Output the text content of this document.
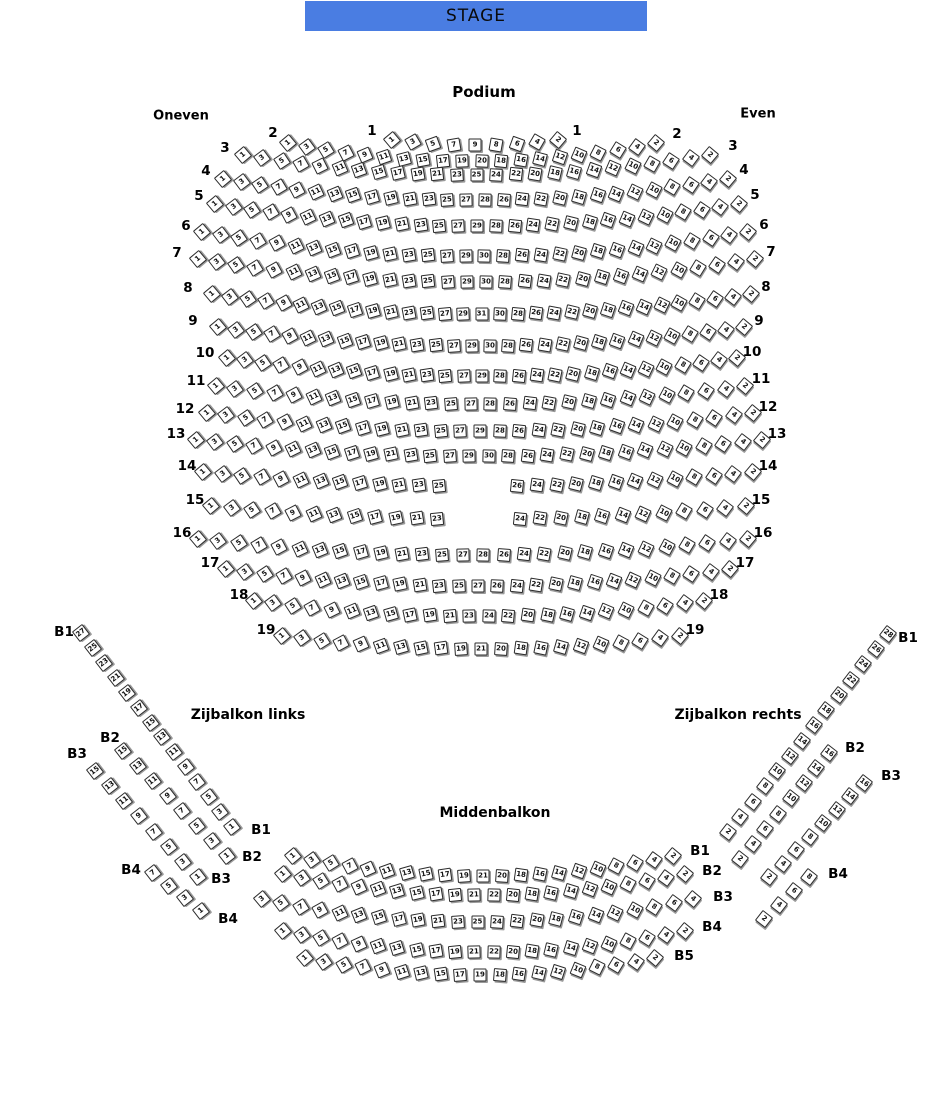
STAGE
Podium
Oneven	Even
Zijbalkon links	Zijbalkon rechts
Middenbalkon
1 3 5 7 9 8 6 4 2
1	1
1 3 5 7 9 11 13 15 17 19 20 18 16 14 12 10 8 6 4 2
2	2
1 3 5 7 9 11 13 15 17 19 21 23 25 24 22 20 18 16 14 12 10 8 6 4 2
3	3
1 3 5 7 9 11 13 15 17 19 21 23 25 27 28 26 24 22 20 18 16 14 12 10 8 6 4 2
4	4
1 3 5 7 9 11 13 15 17 19 21 23 25 27 29 28 26 24 22 20 18 16 14 12 10 8 6 4 2
5	5
1 3 5 7 9 11 13 15 17 19 21 23 25 27 29 30 28 26 24 22 20 18 16 14 12 10 8 6 4 2
6	6
1 3 5 7 9 11 13 15 17 19 21 23 25 27 29 30 28 26 24 22 20 18 16 14 12 10 8 6 4 2
7	7
1 3 5 7 9 11 13 15 17 19 21 23 25 27 29 31 30 28 26 24 22 20 18 16 14 12 10 8 6 4 2
8	8
1 3 5 7 9 11 13 15 17 19 21 23 25 27 29 30 28 26 24 22 20 18 16 14 12 10 8 6 4 2
9	9
1 3 5 7 9 11 13 15 17 19 21 23 25 27 29 28 26 24 22 20 18 16 14 12 10 8 6 4 2
10	10
1 3 5 7 9 11 13 15 17 19 21 23 25 27 28 26 24 22 20 18 16 14 12 10 8 6 4 2
11	11
1 3 5 7 9 11 13 15 17 19 21 23 25 27 29 28 26 24 22 20 18 16 14 12 10 8 6 4 2
12	12
1 3 5 7 9 11 13 15 17 19 21 23 25 27 29 30 28 26 24 22 20 18 16 14 12 10 8 6 4 2
13	13
1 3 5 7 9 11 13 15 17 19 21 23 25	26 24 22 20 18 16 14 12 10 8 6 4 2
14	14
1 3 5 7 9 11 13 15 17 19 21 23	24 22 20 18 16 14 12 10 8 6 4 2
15	15
1 3 5 7 9 11 13 15 17 19 21 23 25 27 28 26 24 22 20 18 16 14 12 10 8 6 4 2
16	16
1 3 5 7 9 11 13 15 17 19 21 23 25 27 26 24 22 20 18 16 14 12 10 8 6 4 2
17	17
1 3 5 7 9 11 13 15 17 19 21 23 24 22 20 18 16 14 12 10 8 6 4 2
18	18
1 3 5 7 9 11 13 15 17 19 21 20 18 16 14 12 10 8 6 4 2
19	19
1 3 5 7 9 11 13 15 17 19 21 20 18 16 14 12 10 8 6 4 2 B1
1 3 5 7 9 11 13 15 17 19 21 22 20 18 16 14 12 10 8 6 4 2 B2
3 5 7 9 11 13 15 17 19 21 23 25 24 22 20 18 16 14 12 10 8 6 4 B3
1 3 5 7 9 11 13 15 17 19 21 22 20 18 16 14 12 10 8 6 4 2 B4
1 3 5 7 9 11 13 15 17 19 18 16 14 12 10 8 6 4 2 B5
27
25
23
21
19
17
15
13
11
9
7
5
3
1
B1
B1
15
13
11
9
7
5
3
1
B2
B2
15
13
11
9
7
5
3
1
B3
B3
7
5
3
1
B4
B4
2
4
6
8
10
12
14
16
18
20
22
24
26
28 B1
2
4
6
8
10
12
14
16 B2
2
4
6
8
10
12
14
16 B3
2
4
6
8 B4
